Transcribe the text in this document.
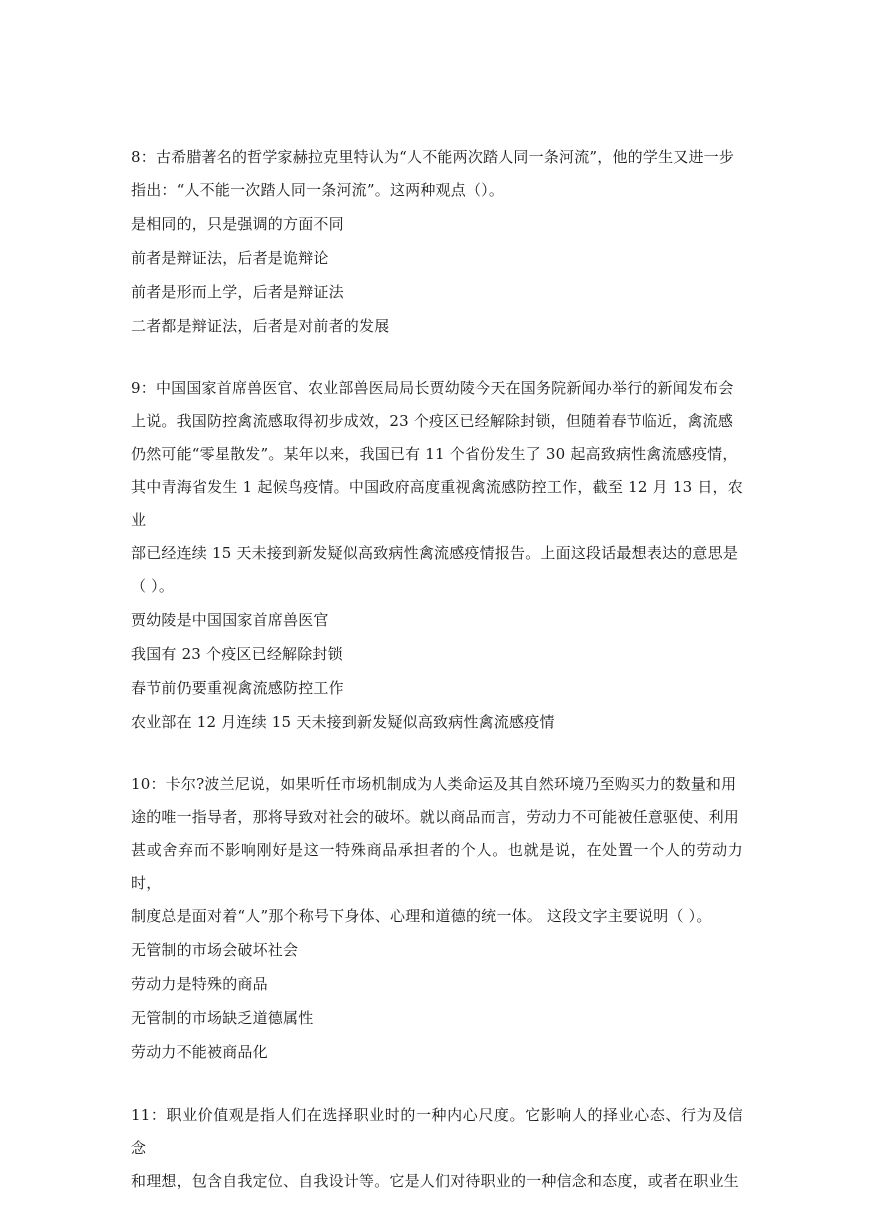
8：古希腊著名的哲学家赫拉克里特认为“人不能两次踏人同一条河流”，他的学生又进一步

指出：“人不能一次踏人同一条河流”。这两种观点（）。

是相同的，只是强调的方面不同

前者是辩证法，后者是诡辩论

前者是形而上学，后者是辩证法

二者都是辩证法，后者是对前者的发展

9：中国国家首席兽医官、农业部兽医局局长贾幼陵今天在国务院新闻办举行的新闻发布会

上说。我国防控禽流感取得初步成效，23 个疫区已经解除封锁，但随着春节临近，禽流感

仍然可能“零星散发”。某年以来，我国已有 11 个省份发生了 30 起高致病性禽流感疫情，

其中青海省发生 1 起候鸟疫情。中国政府高度重视禽流感防控工作，截至 12 月 13 日，农业

部已经连续 15 天未接到新发疑似高致病性禽流感疫情报告。上面这段话最想表达的意思是

（ ）。

贾幼陵是中国国家首席兽医官

我国有 23 个疫区已经解除封锁

春节前仍要重视禽流感防控工作

农业部在 12 月连续 15 天未接到新发疑似高致病性禽流感疫情

10：卡尔?波兰尼说，如果听任市场机制成为人类命运及其自然环境乃至购买力的数量和用

途的唯一指导者，那将导致对社会的破坏。就以商品而言，劳动力不可能被任意驱使、利用

甚或舍弃而不影响刚好是这一特殊商品承担者的个人。也就是说，在处置一个人的劳动力时，

制度总是面对着“人”那个称号下身体、心理和道德的统一体。 这段文字主要说明（ ）。

无管制的市场会破坏社会

劳动力是特殊的商品

无管制的市场缺乏道德属性

劳动力不能被商品化

11：职业价值观是指人们在选择职业时的一种内心尺度。它影响人的择业心态、行为及信念

和理想，包含自我定位、自我设计等。它是人们对待职业的一种信念和态度，或者在职业生
